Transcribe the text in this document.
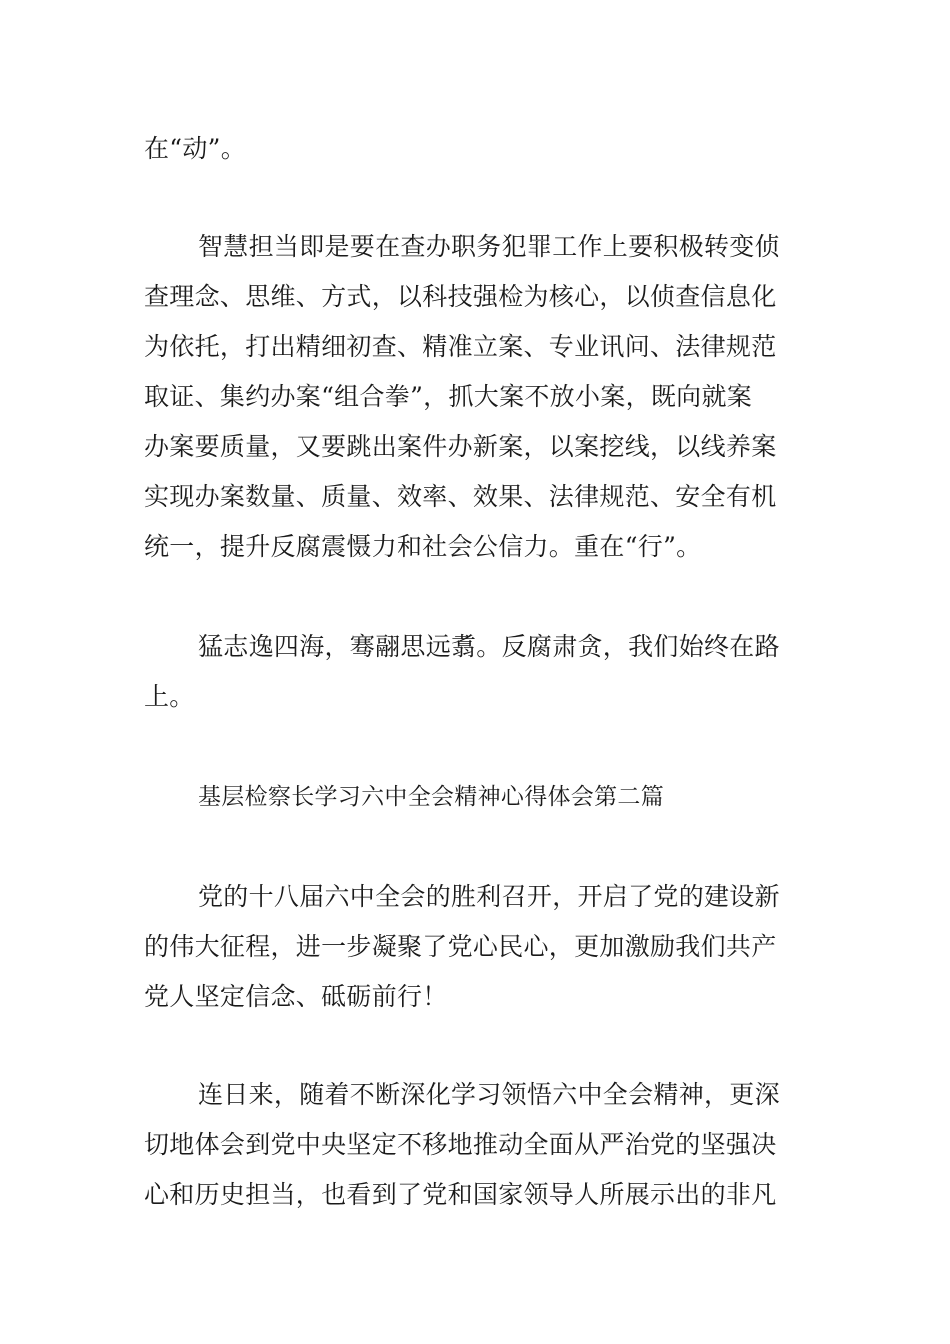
在“动”。
智慧担当即是要在查办职务犯罪工作上要积极转变侦
查理念、思维、方式，以科技强检为核心，以侦查信息化
为依托，打出精细初查、精准立案、专业讯问、法律规范
取证、集约办案“组合拳”，抓大案不放小案，既向就案
办案要质量，又要跳出案件办新案，以案挖线，以线养案
实现办案数量、质量、效率、效果、法律规范、安全有机
统一，提升反腐震慑力和社会公信力。重在“行”。
猛志逸四海，骞翮思远翥。反腐肃贪，我们始终在路
上。
基层检察长学习六中全会精神心得体会第二篇
党的十八届六中全会的胜利召开，开启了党的建设新
的伟大征程，进一步凝聚了党心民心，更加激励我们共产
党人坚定信念、砥砺前行！
连日来，随着不断深化学习领悟六中全会精神，更深
切地体会到党中央坚定不移地推动全面从严治党的坚强决
心和历史担当，也看到了党和国家领导人所展示出的非凡
